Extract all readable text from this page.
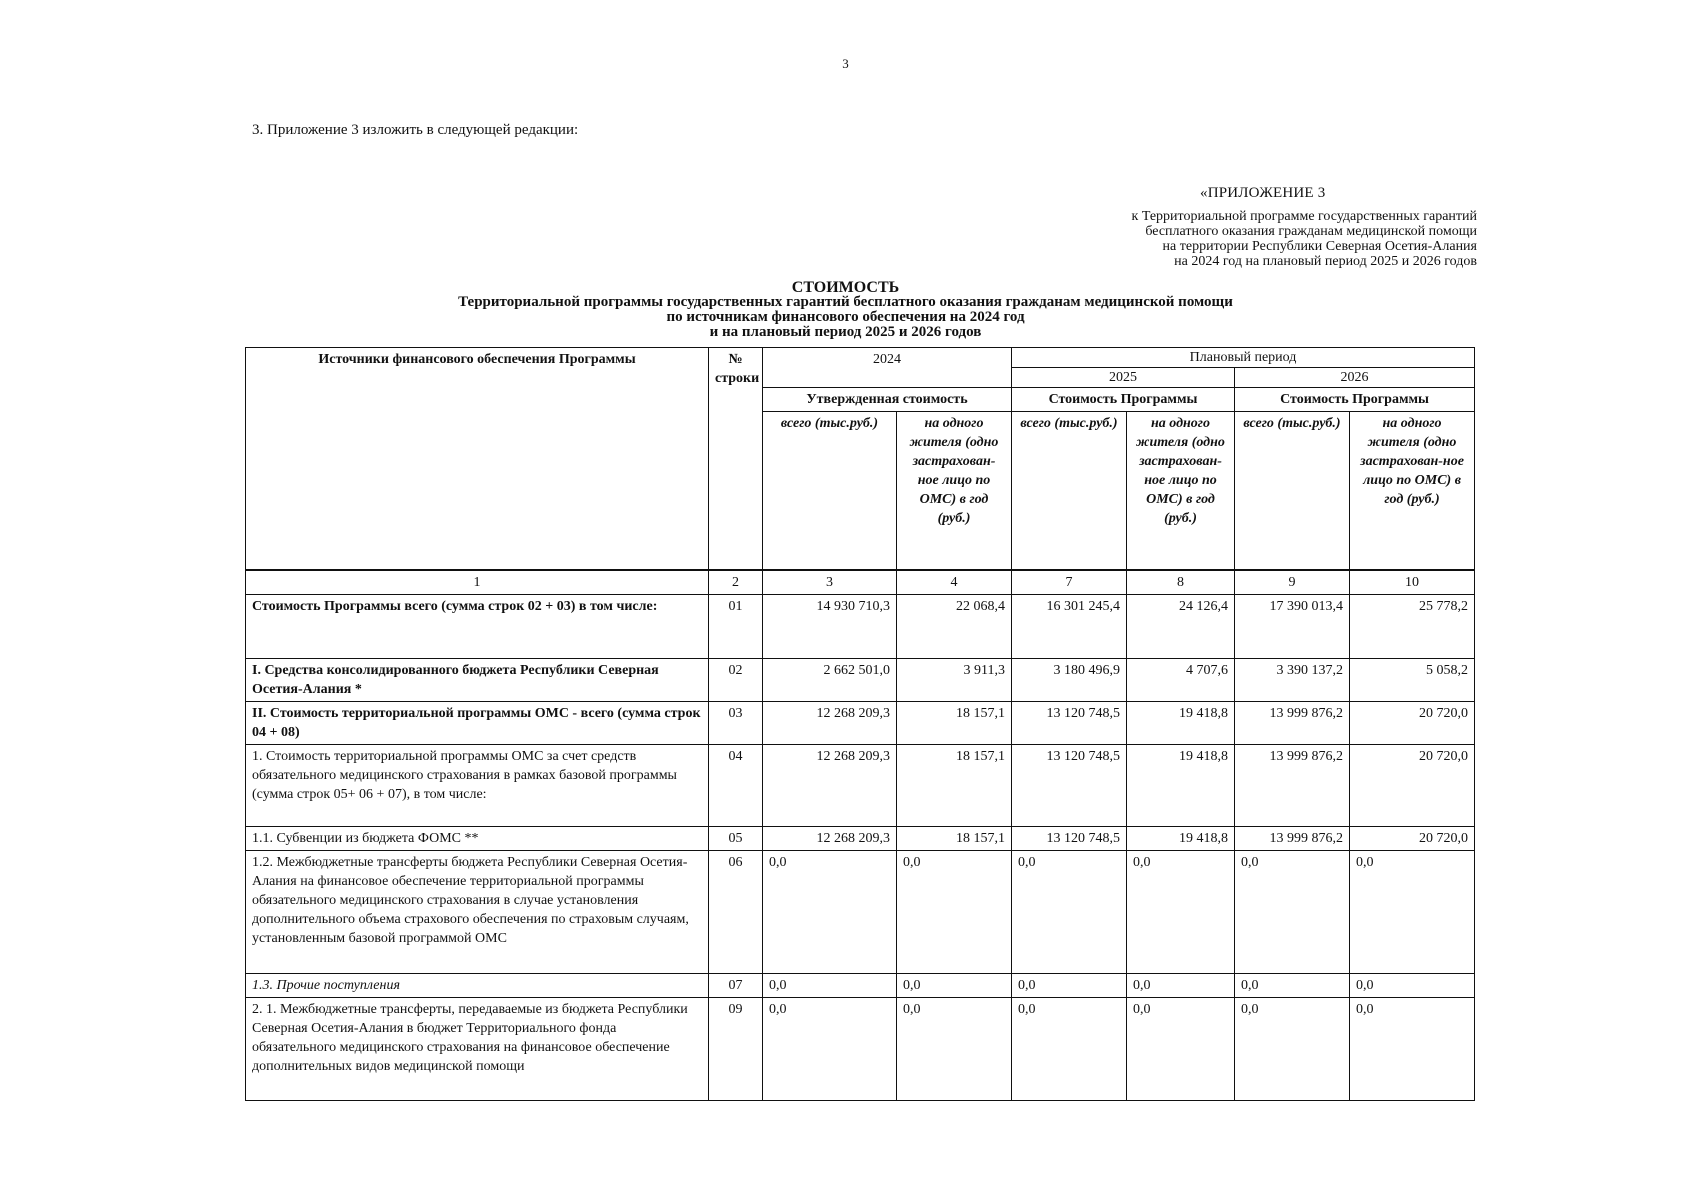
3
3. Приложение 3 изложить в следующей редакции:
«ПРИЛОЖЕНИЕ 3
к Территориальной программе государственных гарантий
бесплатного оказания гражданам медицинской помощи
на территории Республики Северная Осетия-Алания
на 2024 год на плановый период 2025 и 2026 годов
СТОИМОСТЬ
Территориальной программы государственных гарантий бесплатного оказания гражданам медицинской помощи
по источникам финансового обеспечения на 2024 год
и на плановый период 2025 и 2026 годов
Источники финансового обеспечения Программы	№ строки	2024		Плановый период			
				2025		2026	
		Утвержденная стоимость		Стоимость Программы		Стоимость Программы	
		всего (тыс.руб.)	на одного жителя (одно застрахован-ное лицо по ОМС) в год (руб.)	всего (тыс.руб.)	на одного жителя (одно застрахован-ное лицо по ОМС) в год (руб.)	всего (тыс.руб.)	на одного жителя (одно застрахован-ное лицо по ОМС) в год (руб.)
1	2	3	4	7	8	9	10
Стоимость Программы всего (сумма строк 02 + 03) в том числе:	01	14 930 710,3	22 068,4	16 301 245,4	24 126,4	17 390 013,4	25 778,2
I. Средства консолидированного бюджета Республики Северная Осетия-Алания *	02	2 662 501,0	3 911,3	3 180 496,9	4 707,6	3 390 137,2	5 058,2
II. Стоимость территориальной программы ОМС - всего (сумма строк 04 + 08)	03	12 268 209,3	18 157,1	13 120 748,5	19 418,8	13 999 876,2	20 720,0
1. Стоимость территориальной программы ОМС за счет средств обязательного медицинского страхования в рамках базовой программы (сумма строк 05+ 06 + 07), в том числе:	04	12 268 209,3	18 157,1	13 120 748,5	19 418,8	13 999 876,2	20 720,0
1.1. Субвенции из бюджета ФОМС **	05	12 268 209,3	18 157,1	13 120 748,5	19 418,8	13 999 876,2	20 720,0
1.2. Межбюджетные трансферты бюджета Республики Северная Осетия-Алания на финансовое обеспечение территориальной программы обязательного медицинского страхования в случае установления дополнительного объема страхового обеспечения по страховым случаям, установленным базовой программой ОМС	06	0,0	0,0	0,0	0,0	0,0	0,0
1.3. Прочие поступления	07	0,0	0,0	0,0	0,0	0,0	0,0
2. 1. Межбюджетные трансферты, передаваемые из бюджета Республики Северная Осетия-Алания в бюджет Территориального фонда обязательного медицинского страхования на финансовое обеспечение дополнительных видов медицинской помощи	09	0,0	0,0	0,0	0,0	0,0	0,0
